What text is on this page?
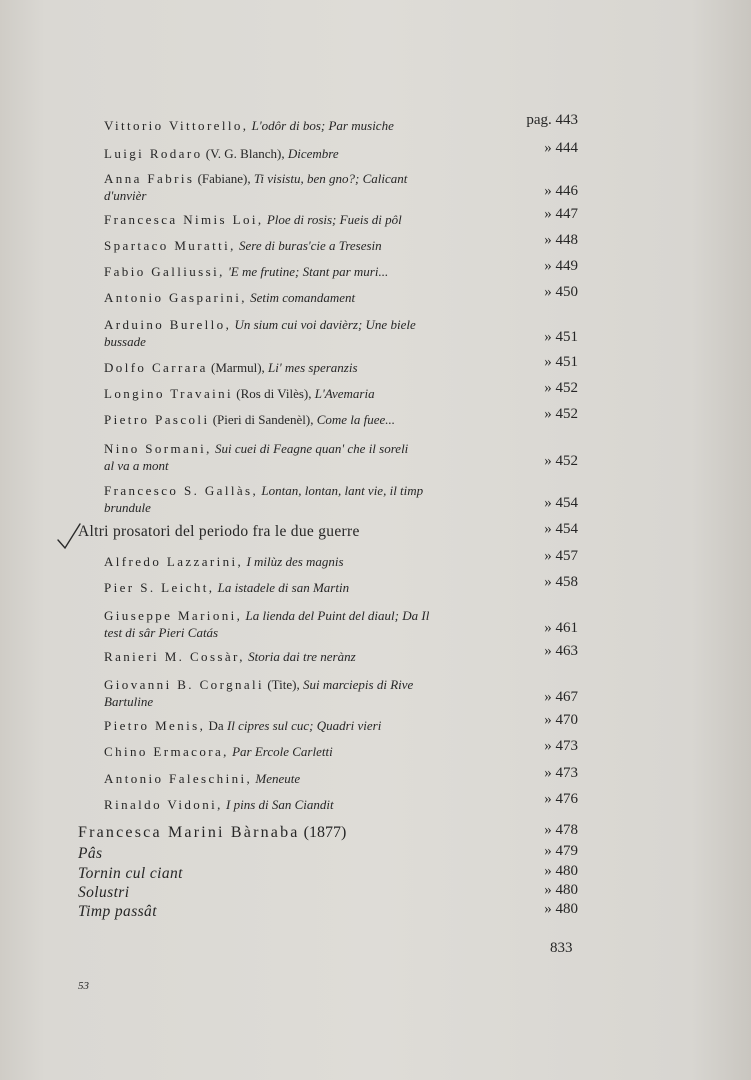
Vittorio Vittorello, L'odôr di bos; Par musiche	pag. 443
Luigi Rodaro (V. G. Blanch), Dicembre	» 444
Anna Fabris (Fabiane), Ti visistu, ben gno?; Calicant
d'unvièr	» 446
Francesca Nimis Loi, Ploe di rosis; Fueis di pôl	» 447
Spartaco Muratti, Sere di buras'cie a Tresesin	» 448
Fabio Galliussi, 'E me frutine; Stant par muri...	» 449
Antonio Gasparini, Setim comandament	» 450
Arduino Burello, Un sium cui voi davièrz; Une biele
bussade	» 451
Dolfo Carrara (Marmul), Li' mes speranzis	» 451
Longino Travaini (Ros di Vilès), L'Avemaria	» 452
Pietro Pascoli (Pieri di Sandenèl), Come la fuee...	» 452
Nino Sormani, Sui cuei di Feagne quan' che il soreli
al va a mont	» 452
Francesco S. Gallàs, Lontan, lontan, lant vie, il timp
brundule	» 454
Altri prosatori del periodo fra le due guerre	» 454
Alfredo Lazzarini, I milùz des magnis	» 457
Pier S. Leicht, La istadele di san Martin	» 458
Giuseppe Marioni, La lienda del Puint del diaul; Da Il
test di sâr Pieri Catás	» 461
Ranieri M. Cossàr, Storia dai tre nerànz	» 463
Giovanni B. Corgnali (Tite), Sui marciepis di Rive
Bartuline	» 467
Pietro Menis, Da Il cipres sul cuc; Quadri vieri	» 470
Chino Ermacora, Par Ercole Carletti	» 473
Antonio Faleschini, Meneute	» 473
Rinaldo Vidoni, I pins di San Ciandit	» 476
Francesca Marini Bàrnaba (1877)	» 478
Pâs	» 479
Tornin cul ciant	» 480
Solustri	» 480
Timp passât	» 480
833
53
